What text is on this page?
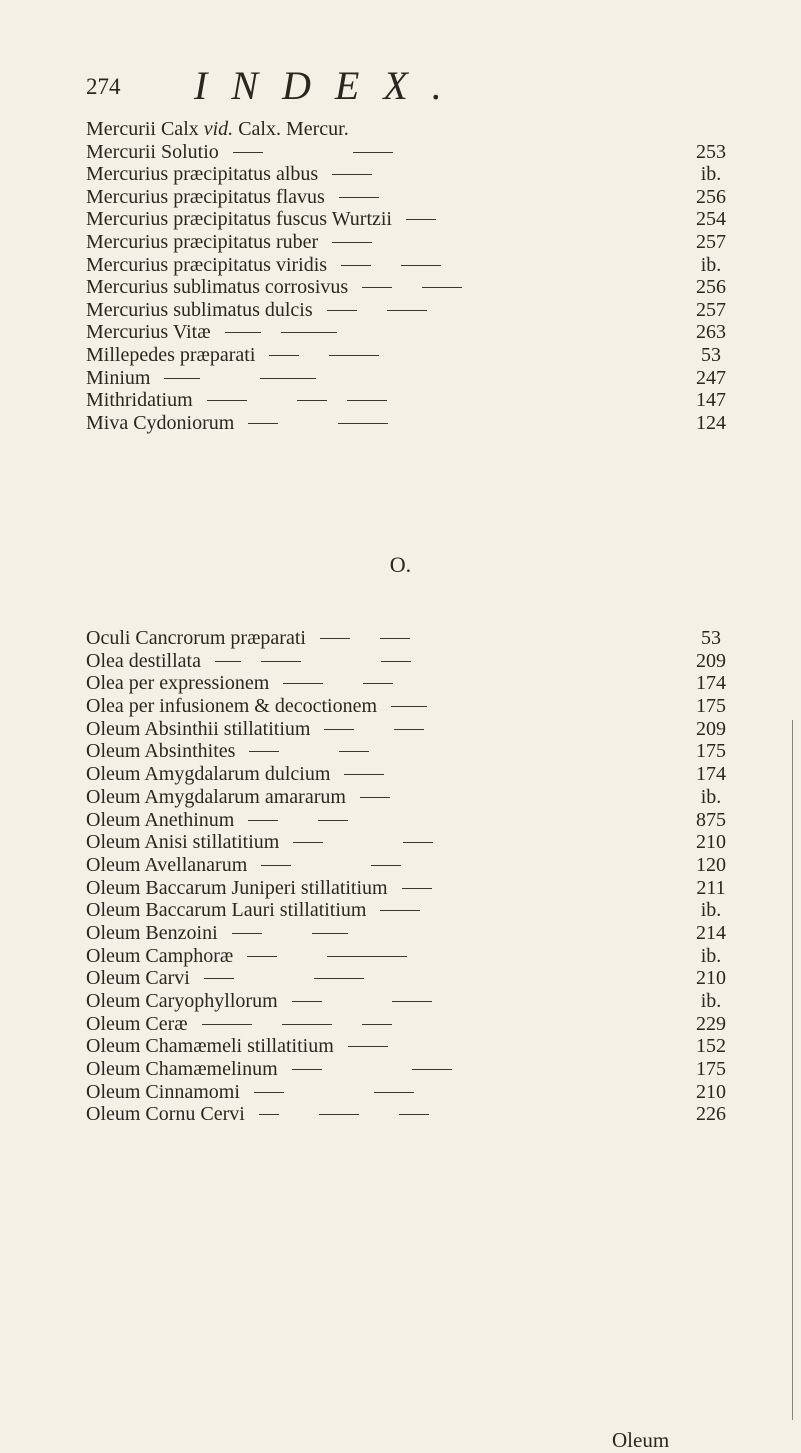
274 INDEX.
Mercurii Calx vid. Calx. Mercur.
Mercurii Solutio	253
Mercurius præcipitatus albus	ib.
Mercurius præcipitatus flavus	256
Mercurius præcipitatus fuscus Wurtzii	254
Mercurius præcipitatus ruber	257
Mercurius præcipitatus viridis	ib.
Mercurius sublimatus corrosivus	256
Mercurius sublimatus dulcis	257
Mercurius Vitæ	263
Millepedes præparati	53
Minium	247
Mithridatium	147
Miva Cydoniorum	124
O.
Oculi Cancrorum præparati	53
Olea destillata	209
Olea per expressionem	174
Olea per infusionem & decoctionem	175
Oleum Absinthii stillatitium	209
Oleum Absinthites	175
Oleum Amygdalarum dulcium	174
Oleum Amygdalarum amararum	ib.
Oleum Anethinum	875
Oleum Anisi stillatitium	210
Oleum Avellanarum	120
Oleum Baccarum Juniperi stillatitium	211
Oleum Baccarum Lauri stillatitium	ib.
Oleum Benzoini	214
Oleum Camphoræ	ib.
Oleum Carvi	210
Oleum Caryophyllorum	ib.
Oleum Ceræ	229
Oleum Chamæmeli stillatitium	152
Oleum Chamæmelinum	175
Oleum Cinnamomi	210
Oleum Cornu Cervi	226
Oleum
